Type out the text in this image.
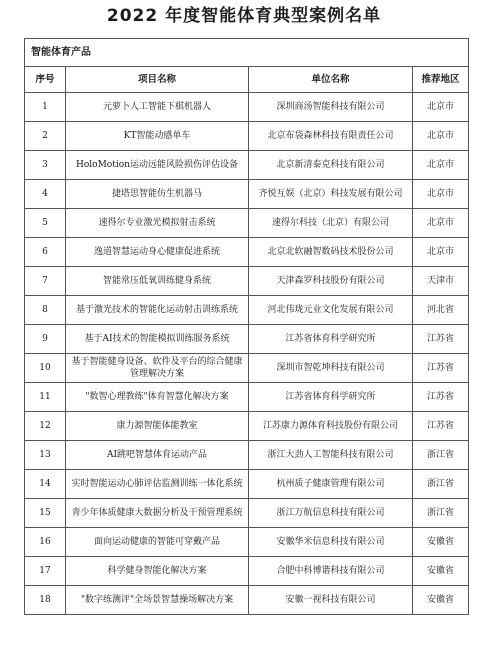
2022 年度智能体育典型案例名单
智能体育产品			
序号	项目名称	单位名称	推荐地区
1	元萝卜人工智能下棋机器人	深圳商汤智能科技有限公司	北京市
2	KT智能动感单车	北京布袋森林科技有限责任公司	北京市
3	HoloMotion运动远能风险损伤评估设备	北京新清泰克科技有限公司	北京市
4	捷塔思智能仿生机器马	齐悦互娱（北京）科技发展有限公司	北京市
5	速得尔专业激光模拟射击系统	速得尔科技（北京）有限公司	北京市
6	逸道智慧运动身心健康促进系统	北京北软融智数码技术股份公司	北京市
7	智能常压低氧训练健身系统	天津森罗科技股份有限公司	天津市
8	基于激光技术的智能化运动射击训练系统	河北伟珑元业文化发展有限公司	河北省
9	基于AI技术的智能模拟训练服务系统	江苏省体育科学研究所	江苏省
10	基于智能健身设备、软件及平台的综合健康管理解决方案	深圳市智乾坤科技有限公司	江苏省
11	"数智心理教练"体育智慧化解决方案	江苏省体育科学研究所	江苏省
12	康力源智能体能教室	江苏康力源体育科技股份有限公司	江苏省
13	AI跳吧智慧体育运动产品	浙江大劲人工智能科技有限公司	浙江省
14	实时智能运动心肺评估监测训练一体化系统	杭州质子健康管理有限公司	浙江省
15	青少年体质健康大数据分析及干预管理系统	浙江万航信息科技有限公司	浙江省
16	面向运动健康的智能可穿戴产品	安徽华米信息科技有限公司	安徽省
17	科学健身智能化解决方案	合肥中科博谐科技有限公司	安徽省
18	"数字练测评"全场景智慧操场解决方案	安徽一视科技有限公司	安徽省
